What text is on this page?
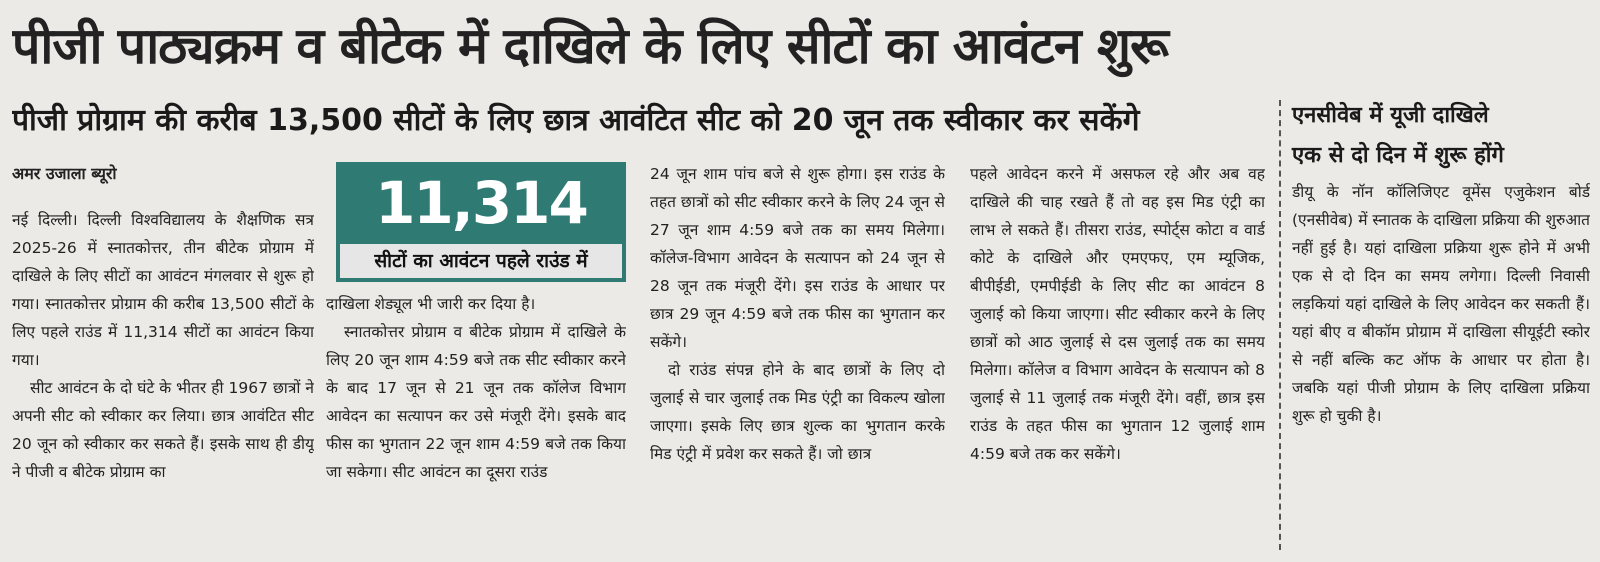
पीजी पाठ्यक्रम व बीटेक में दाखिले के लिए सीटों का आवंटन शुरू
पीजी प्रोग्राम की करीब 13,500 सीटों के लिए छात्र आवंटित सीट को 20 जून तक स्वीकार कर सकेंगे
अमर उजाला ब्यूरो

नई दिल्ली। दिल्ली विश्वविद्यालय के शैक्षणिक सत्र 2025-26 में स्नातकोत्तर, तीन बीटेक प्रोग्राम में दाखिले के लिए सीटों का आवंटन मंगलवार से शुरू हो गया। स्नातकोत्तर प्रोग्राम की करीब 13,500 सीटों के लिए पहले राउंड में 11,314 सीटों का आवंटन किया गया।

सीट आवंटन के दो घंटे के भीतर ही 1967 छात्रों ने अपनी सीट को स्वीकार कर लिया। छात्र आवंटित सीट 20 जून को स्वीकार कर सकते हैं। इसके साथ ही डीयू ने पीजी व बीटेक प्रोग्राम का

11,314
सीटों का आवंटन पहले राउंड में

दाखिला शेड्यूल भी जारी कर दिया है।

स्नातकोत्तर प्रोग्राम व बीटेक प्रोग्राम में दाखिले के लिए 20 जून शाम 4:59 बजे तक सीट स्वीकार करने के बाद 17 जून से 21 जून तक कॉलेज विभाग आवेदन का सत्यापन कर उसे मंजूरी देंगे। इसके बाद फीस का भुगतान 22 जून शाम 4:59 बजे तक किया जा सकेगा। सीट आवंटन का दूसरा राउंड

24 जून शाम पांच बजे से शुरू होगा। इस राउंड के तहत छात्रों को सीट स्वीकार करने के लिए 24 जून से 27 जून शाम 4:59 बजे तक का समय मिलेगा। कॉलेज-विभाग आवेदन के सत्यापन को 24 जून से 28 जून तक मंजूरी देंगे। इस राउंड के आधार पर छात्र 29 जून 4:59 बजे तक फीस का भुगतान कर सकेंगे।

दो राउंड संपन्न होने के बाद छात्रों के लिए दो जुलाई से चार जुलाई तक मिड एंट्री का विकल्प खोला जाएगा। इसके लिए छात्र शुल्क का भुगतान करके मिड एंट्री में प्रवेश कर सकते हैं। जो छात्र

पहले आवेदन करने में असफल रहे और अब वह दाखिले की चाह रखते हैं तो वह इस मिड एंट्री का लाभ ले सकते हैं। तीसरा राउंड, स्पोर्ट्स कोटा व वार्ड कोटे के दाखिले और एमएफए, एम म्यूजिक, बीपीईडी, एमपीईडी के लिए सीट का आवंटन 8 जुलाई को किया जाएगा। सीट स्वीकार करने के लिए छात्रों को आठ जुलाई से दस जुलाई तक का समय मिलेगा। कॉलेज व विभाग आवेदन के सत्यापन को 8 जुलाई से 11 जुलाई तक मंजूरी देंगे। वहीं, छात्र इस राउंड के तहत फीस का भुगतान 12 जुलाई शाम 4:59 बजे तक कर सकेंगे।

एनसीवेब में यूजी दाखिले
एक से दो दिन में शुरू होंगे

डीयू के नॉन कॉलिजिएट वूमेंस एजुकेशन बोर्ड (एनसीवेब) में स्नातक के दाखिला प्रक्रिया की शुरुआत नहीं हुई है। यहां दाखिला प्रक्रिया शुरू होने में अभी एक से दो दिन का समय लगेगा। दिल्ली निवासी लड़कियां यहां दाखिले के लिए आवेदन कर सकती हैं। यहां बीए व बीकॉम प्रोग्राम में दाखिला सीयूईटी स्कोर से नहीं बल्कि कट ऑफ के आधार पर होता है। जबकि यहां पीजी प्रोग्राम के लिए दाखिला प्रक्रिया शुरू हो चुकी है।
